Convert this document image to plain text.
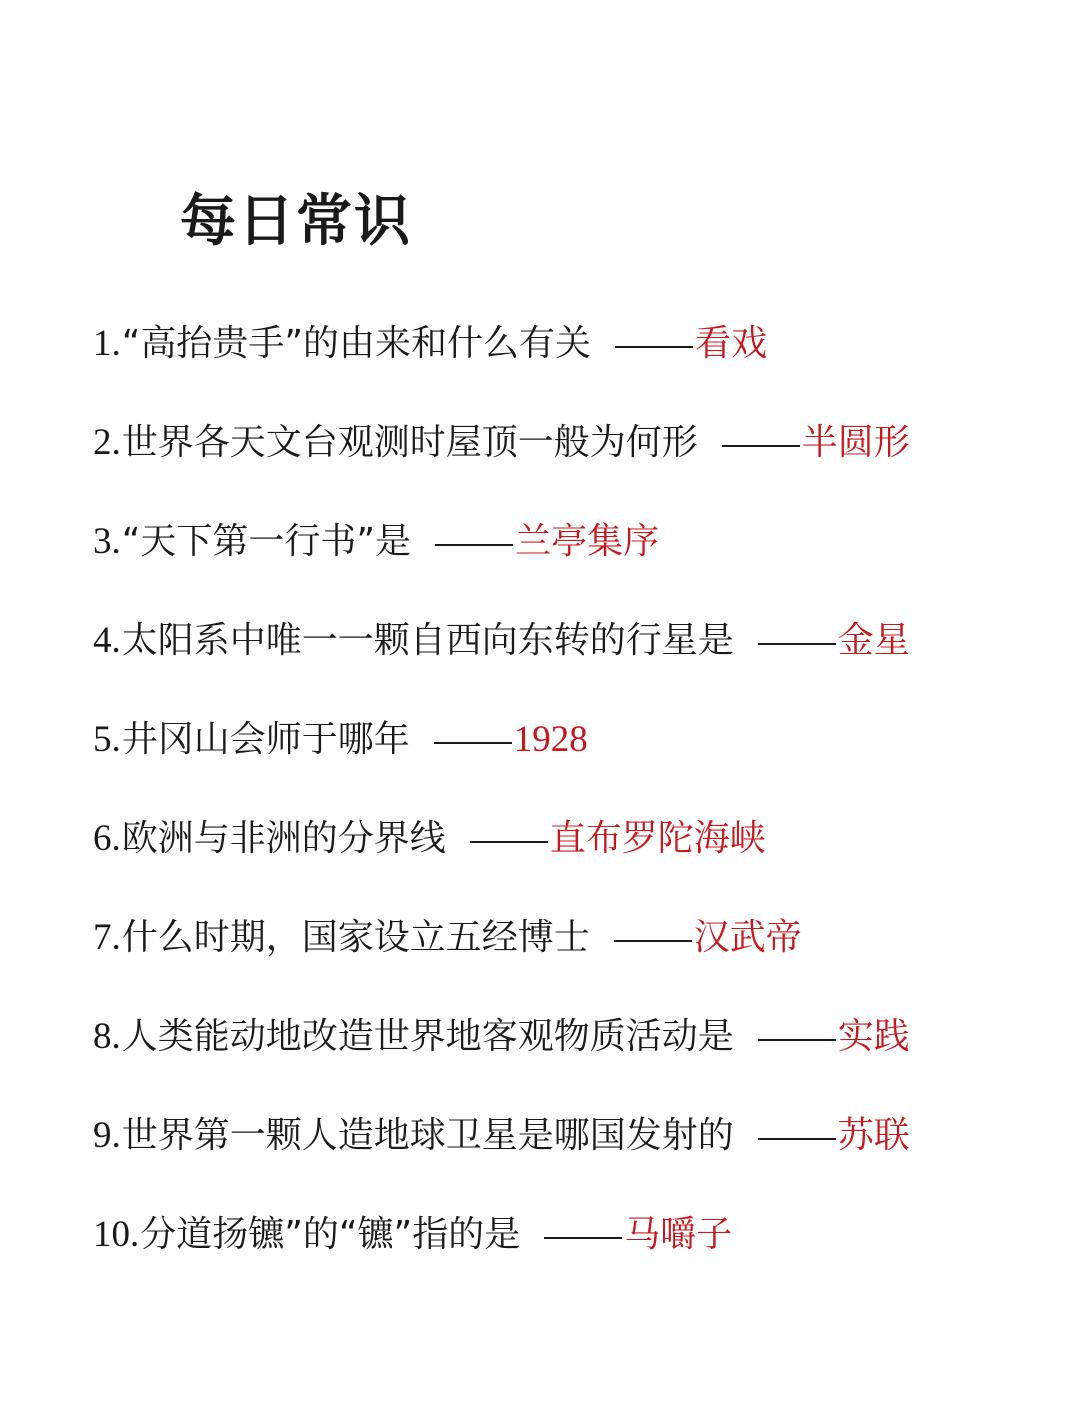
每日常识
1. “高抬贵手”的由来和什么有关	看戏
2. 世界各天文台观测时屋顶一般为何形	半圆形
3. “天下第一行书”是	兰亭集序
4. 太阳系中唯一一颗自西向东转的行星是	金星
5. 井冈山会师于哪年	1928
6. 欧洲与非洲的分界线	直布罗陀海峡
7. 什么时期，国家设立五经博士	汉武帝
8. 人类能动地改造世界地客观物质活动是	实践
9. 世界第一颗人造地球卫星是哪国发射的	苏联
10. 分道扬镳”的“镳”指的是	马嚼子
